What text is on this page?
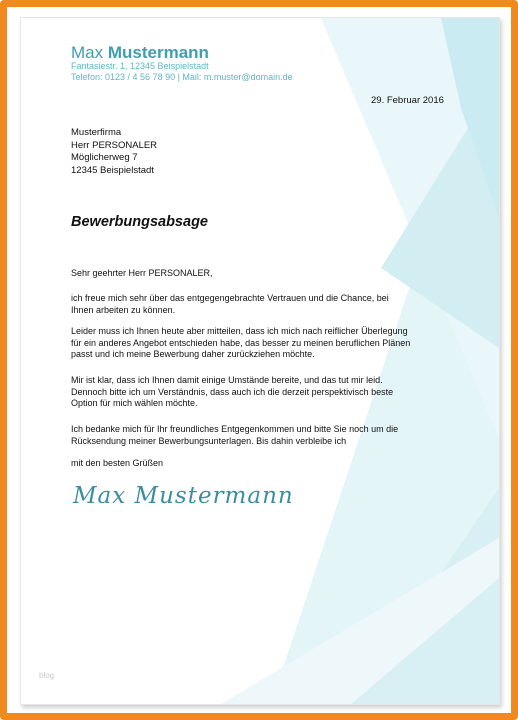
Max Mustermann
Fantasiestr. 1, 12345 Beispielstadt
Telefon: 0123 / 4 56 78 90 | Mail: m.muster@domain.de
29. Februar 2016
Musterfirma
Herr PERSONALER
Möglicherweg 7
12345 Beispielstadt
Bewerbungsabsage
Sehr geehrter Herr PERSONALER,
ich freue mich sehr über das entgegengebrachte Vertrauen und die Chance, bei
Ihnen arbeiten zu können.
Leider muss ich Ihnen heute aber mitteilen, dass ich mich nach reiflicher Überlegung
für ein anderes Angebot entschieden habe, das besser zu meinen beruflichen Plänen
passt und ich meine Bewerbung daher zurückziehen möchte.
Mir ist klar, dass ich Ihnen damit einige Umstände bereite, und das tut mir leid.
Dennoch bitte ich um Verständnis, dass auch ich die derzeit perspektivisch beste
Option für mich wählen möchte.
Ich bedanke mich für Ihr freundliches Entgegenkommen und bitte Sie noch um die
Rücksendung meiner Bewerbungsunterlagen. Bis dahin verbleibe ich
mit den besten Grüßen
Max Mustermann
blog
